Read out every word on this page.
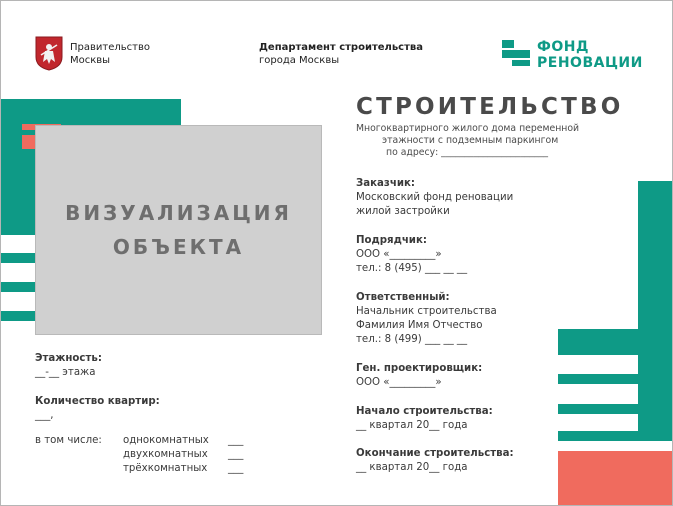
Правительство
Москвы
Департамент строительства
города Москвы
ФОНД
РЕНОВАЦИИ
ВИЗУАЛИЗАЦИЯ
ОБЪЕКТА
СТРОИТЕЛЬСТВО
Многоквартирного жилого дома переменной
этажности с подземным паркингом
по адресу: _______________________
Заказчик:
Московский фонд реновации
жилой застройки
Подрядчик:
ООО «_________»
тел.: 8 (495) ___ __ __
Ответственный:
Начальник строительства
Фамилия Имя Отчество
тел.: 8 (499) ___ __ __
Ген. проектировщик:
ООО «_________»
Начало строительства:
__ квартал 20__ года
Окончание строительства:
__ квартал 20__ года
Этажность:
__-__ этажа
Количество квартир:
___,
в том числе:	однокомнатных	___
двухкомнатных	___
трёхкомнатных	___
